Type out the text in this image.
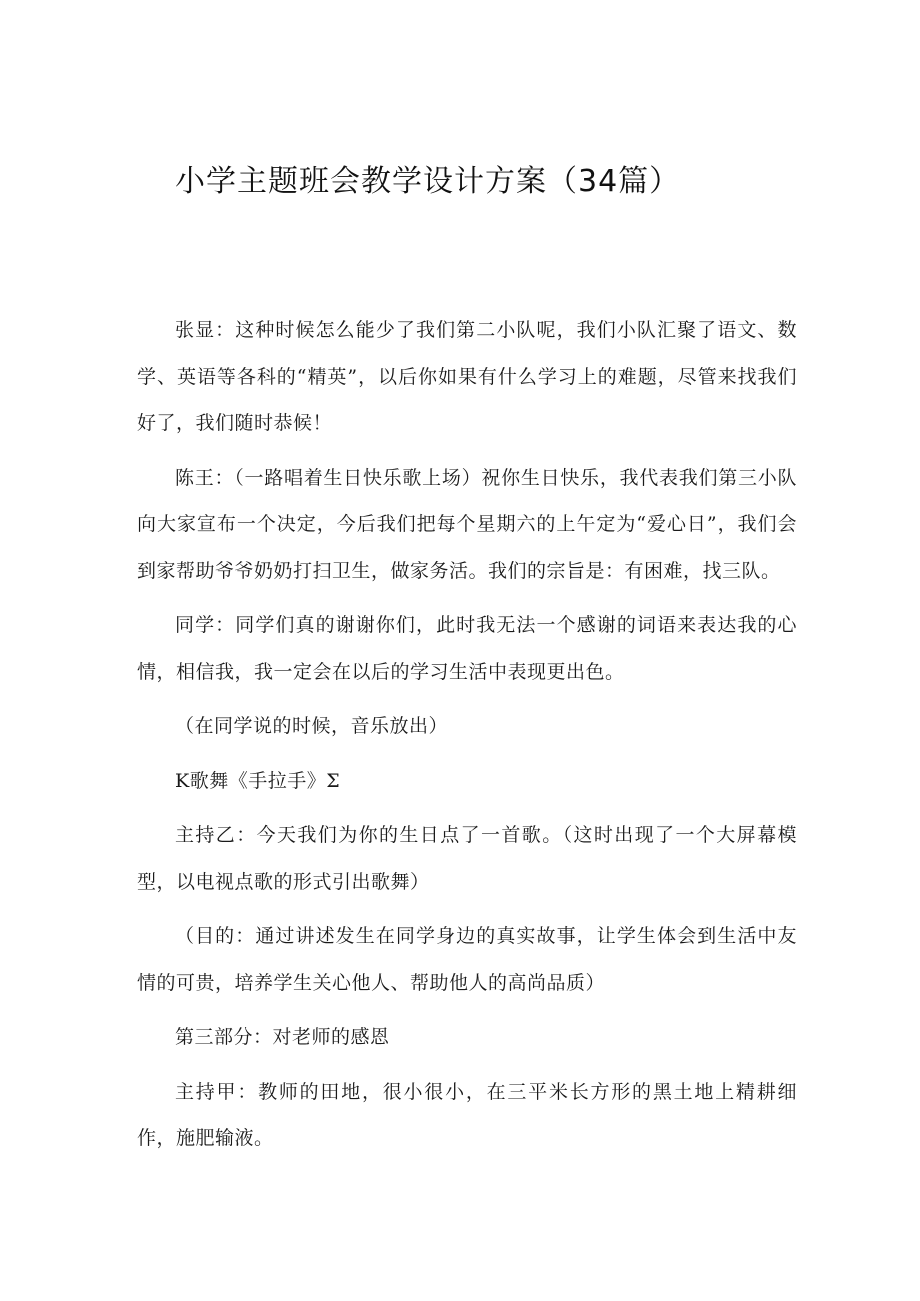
小学主题班会教学设计方案（34篇）

张显：这种时候怎么能少了我们第二小队呢，我们小队汇聚了语文、数学、英语等各科的“精英”，以后你如果有什么学习上的难题，尽管来找我们好了，我们随时恭候！

陈王：（一路唱着生日快乐歌上场）祝你生日快乐，我代表我们第三小队向大家宣布一个决定，今后我们把每个星期六的上午定为“爱心日”，我们会到家帮助爷爷奶奶打扫卫生，做家务活。我们的宗旨是：有困难，找三队。

同学：同学们真的谢谢你们，此时我无法一个感谢的词语来表达我的心情，相信我，我一定会在以后的学习生活中表现更出色。

（在同学说的时候，音乐放出）

K歌舞《手拉手》Σ

主持乙：今天我们为你的生日点了一首歌。（这时出现了一个大屏幕模型，以电视点歌的形式引出歌舞）

（目的：通过讲述发生在同学身边的真实故事，让学生体会到生活中友情的可贵，培养学生关心他人、帮助他人的高尚品质）

第三部分：对老师的感恩

主持甲：教师的田地，很小很小，在三平米长方形的黑土地上精耕细作，施肥输液。
